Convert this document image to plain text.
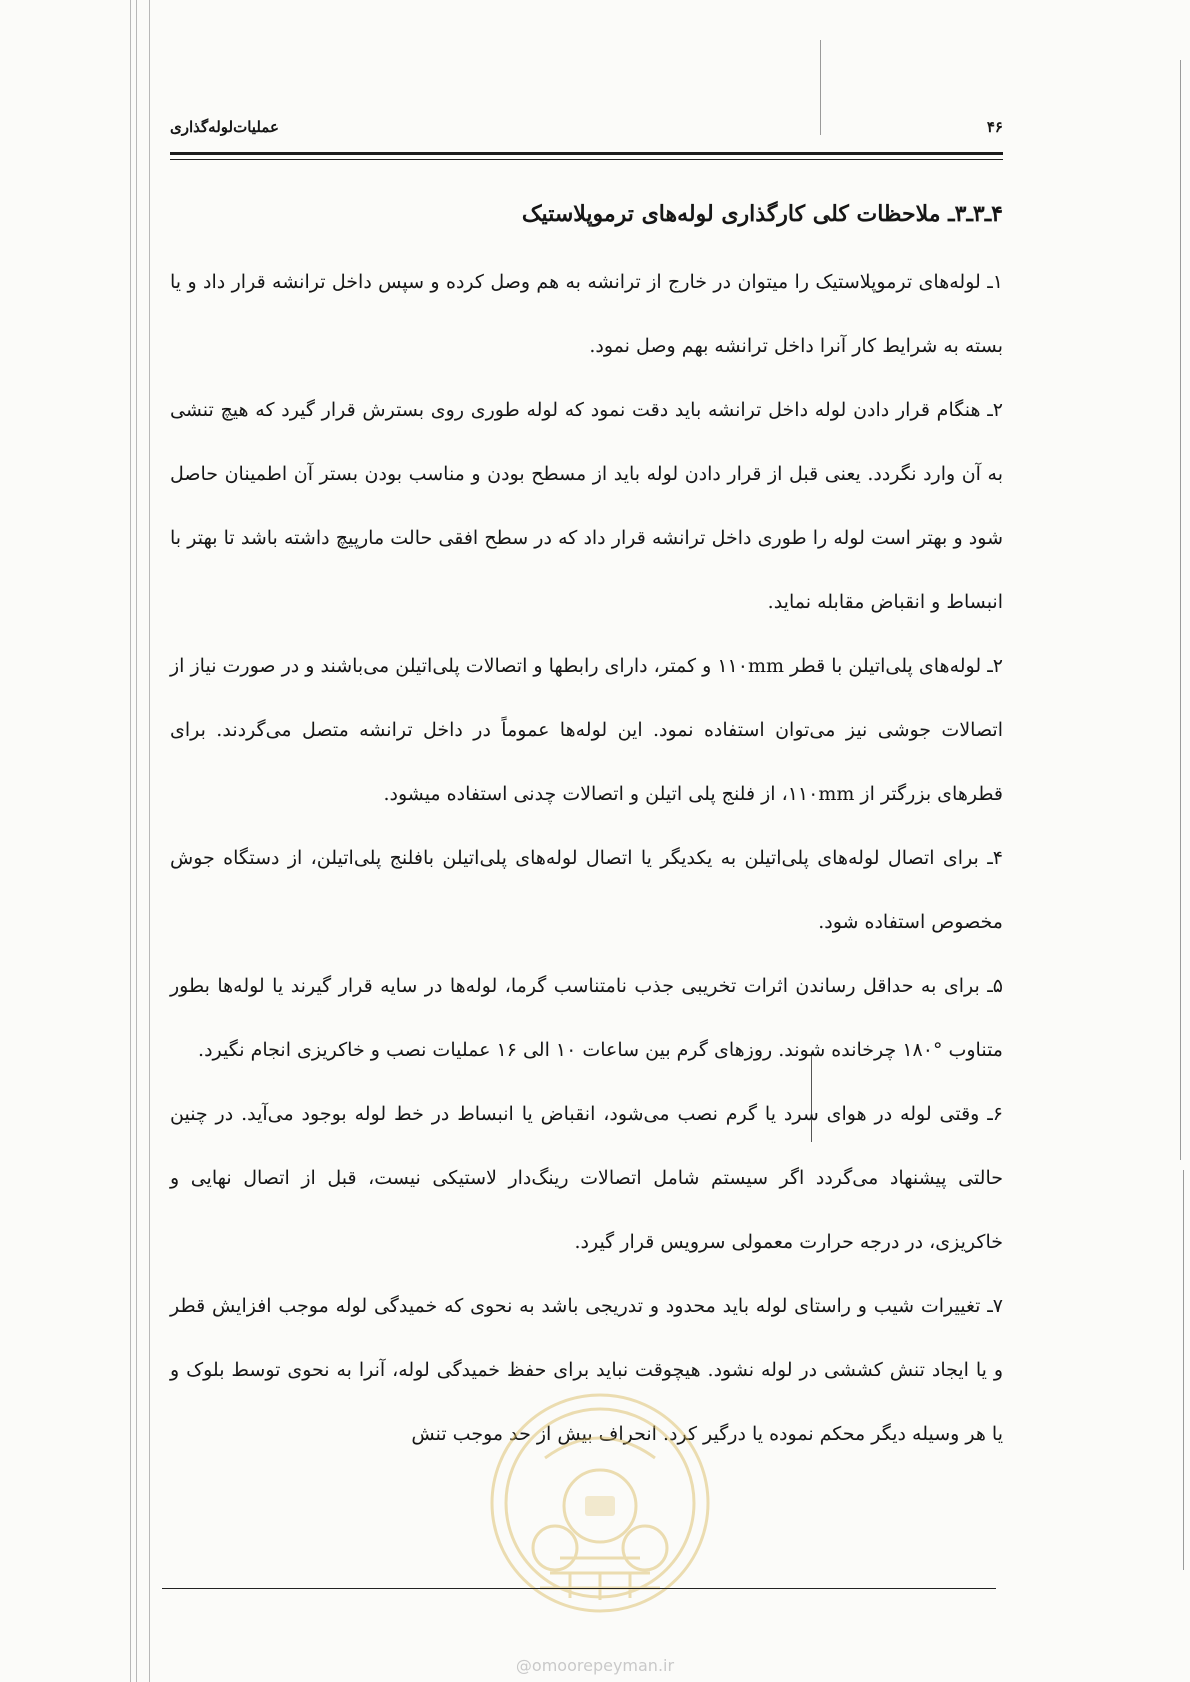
۴۶
عملیات‌لوله‌گذاری
۴ـ۳ـ۳ـ ملاحظات کلی کارگذاری لوله‌های ترموپلاستیک

۱ـ لوله‌های ترموپلاستیک را میتوان در خارج از ترانشه به هم وصل کرده و سپس داخل ترانشه قرار داد و یا بسته به شرایط کار آنرا داخل ترانشه بهم وصل نمود.

۲ـ هنگام قرار دادن لوله داخل ترانشه باید دقت نمود که لوله طوری روی بسترش قرار گیرد که هیچ تنشی به آن وارد نگردد. یعنی قبل از قرار دادن لوله باید از مسطح بودن و مناسب بودن بستر آن اطمینان حاصل شود و بهتر است لوله را طوری داخل ترانشه قرار داد که در سطح افقی حالت مارپیچ داشته باشد تا بهتر با انبساط و انقباض مقابله نماید.

۲ـ لوله‌های پلی‌اتیلن با قطر ۱۱۰mm و کمتر، دارای رابطها و اتصالات پلی‌اتیلن می‌باشند و در صورت نیاز از اتصالات جوشی نیز می‌توان استفاده نمود. این لوله‌ها عموماً در داخل ترانشه متصل می‌گردند. برای قطرهای بزرگتر از ۱۱۰mm، از فلنج پلی اتیلن و اتصالات چدنی استفاده میشود.

۴ـ برای اتصال لوله‌های پلی‌اتیلن به یکدیگر یا اتصال لوله‌های پلی‌اتیلن بافلنج پلی‌اتیلن، از دستگاه جوش مخصوص استفاده شود.

۵ـ برای به حداقل رساندن اثرات تخریبی جذب نامتناسب گرما، لوله‌ها در سایه قرار گیرند یا لوله‌ها بطور متناوب °۱۸۰ چرخانده شوند. روزهای گرم بین ساعات ۱۰ الی ۱۶ عملیات نصب و خاکریزی انجام نگیرد.

۶ـ وقتی لوله در هوای سرد یا گرم نصب می‌شود، انقباض یا انبساط در خط لوله بوجود می‌آید. در چنین حالتی پیشنهاد می‌گردد اگر سیستم شامل اتصالات رینگ‌دار لاستیکی نیست، قبل از اتصال نهایی و خاکریزی، در درجه حرارت معمولی سرویس قرار گیرد.

۷ـ تغییرات شیب و راستای لوله باید محدود و تدریجی باشد به نحوی که خمیدگی لوله موجب افزایش قطر و یا ایجاد تنش کششی در لوله نشود. هیچوقت نباید برای حفظ خمیدگی لوله، آنرا به نحوی توسط بلوک و یا هر وسیله دیگر محکم نموده یا درگیر کرد. انحراف بیش از حد موجب تنش

@omoorepeyman.ir
